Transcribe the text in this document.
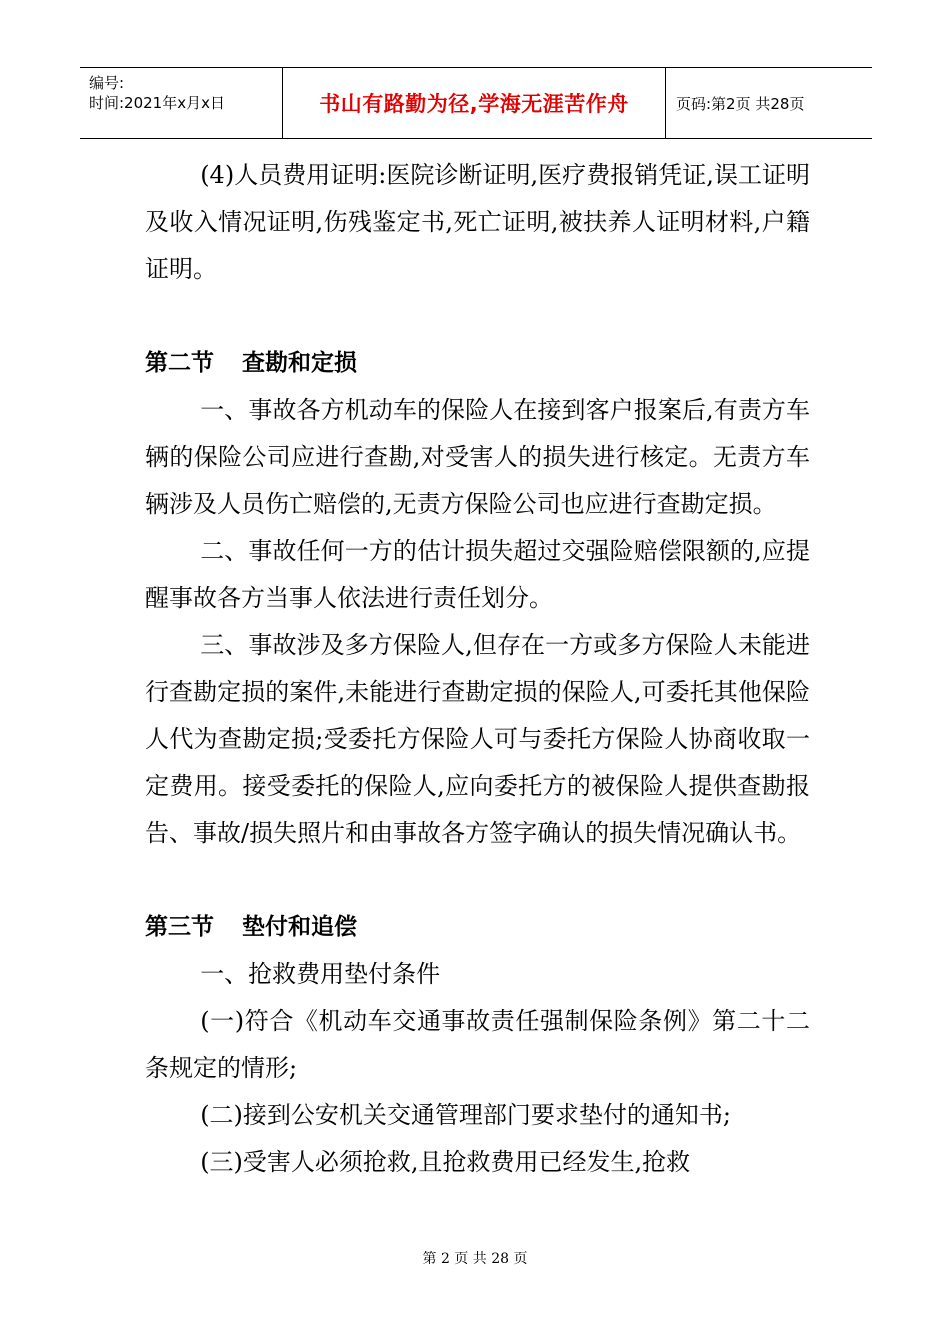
编号:
时间:2021年x月x日	书山有路勤为径,学海无涯苦作舟	页码:第2页 共28页

(4)人员费用证明:医院诊断证明,医疗费报销凭证,误工证明及收入情况证明,伤残鉴定书,死亡证明,被扶养人证明材料,户籍证明。

第二节 查勘和定损

一、事故各方机动车的保险人在接到客户报案后,有责方车辆的保险公司应进行查勘,对受害人的损失进行核定。无责方车辆涉及人员伤亡赔偿的,无责方保险公司也应进行查勘定损。

二、事故任何一方的估计损失超过交强险赔偿限额的,应提醒事故各方当事人依法进行责任划分。

三、事故涉及多方保险人,但存在一方或多方保险人未能进行查勘定损的案件,未能进行查勘定损的保险人,可委托其他保险人代为查勘定损;受委托方保险人可与委托方保险人协商收取一定费用。接受委托的保险人,应向委托方的被保险人提供查勘报告、事故/损失照片和由事故各方签字确认的损失情况确认书。

第三节 垫付和追偿

一、抢救费用垫付条件

(一)符合《机动车交通事故责任强制保险条例》第二十二条规定的情形;

(二)接到公安机关交通管理部门要求垫付的通知书;

(三)受害人必须抢救,且抢救费用已经发生,抢救

第 2 页 共 28 页
